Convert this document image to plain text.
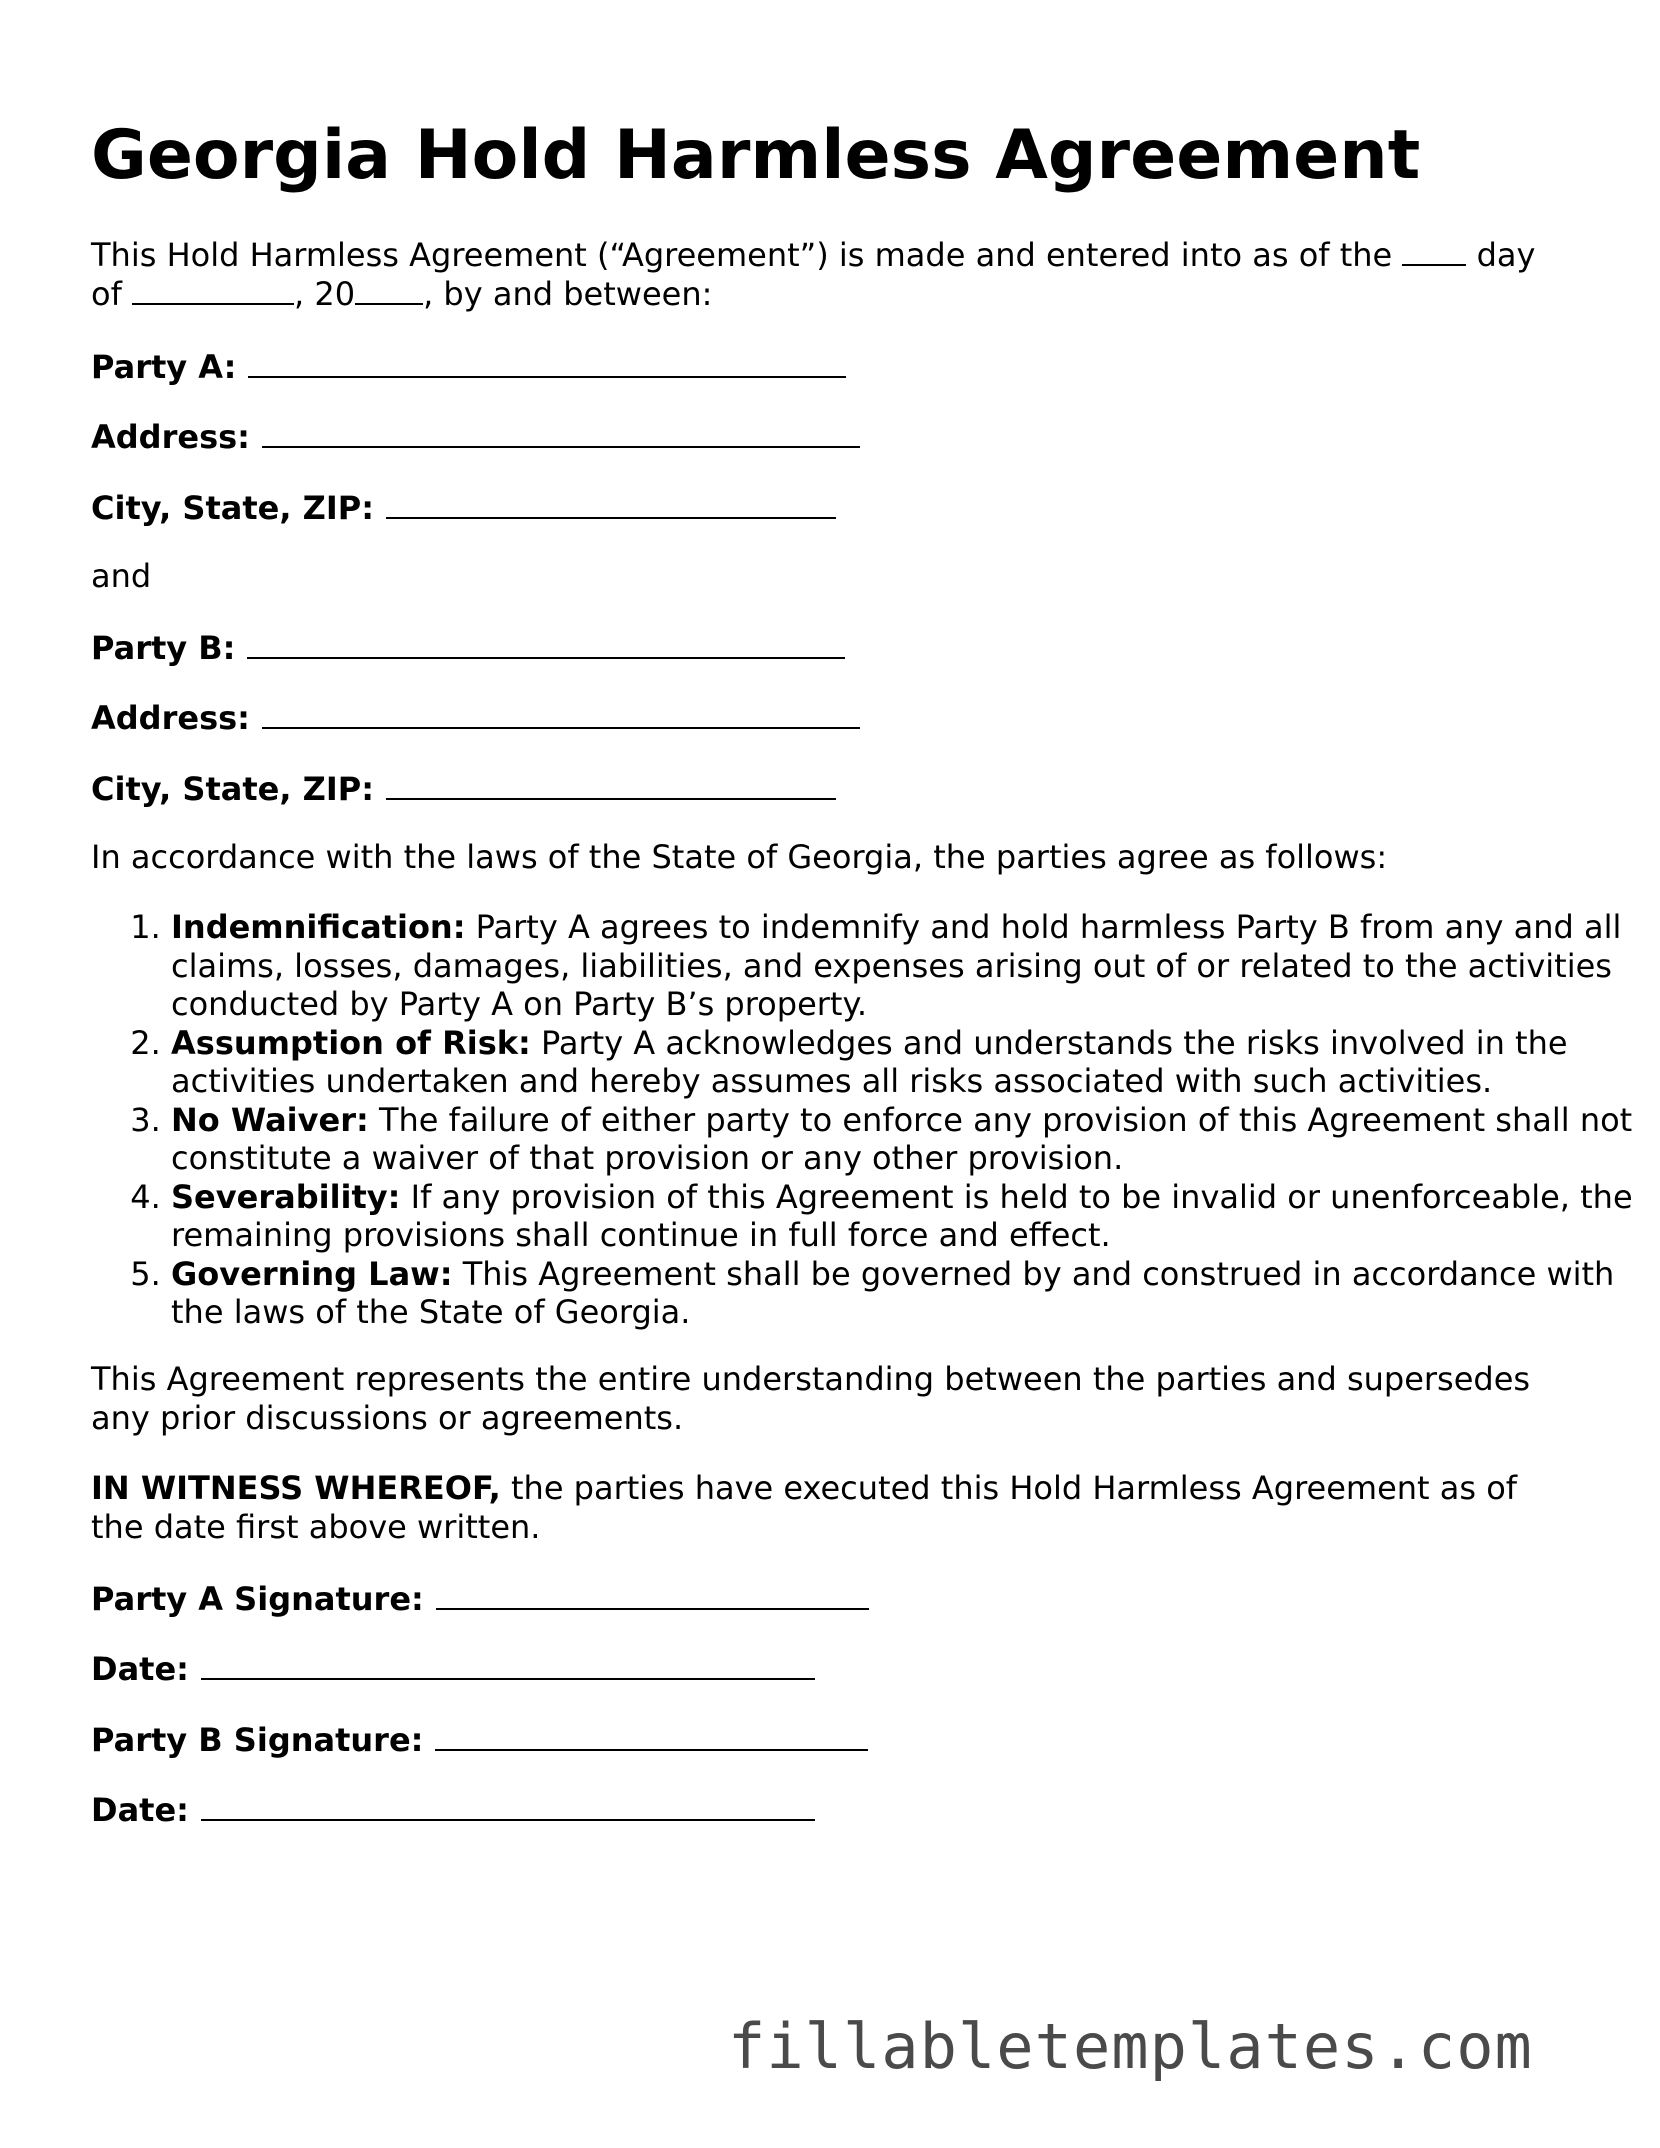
Georgia Hold Harmless Agreement

This Hold Harmless Agreement (“Agreement”) is made and entered into as of the	day of	, 20 , by and between:

Party A:
Address:
City, State, ZIP:
and
Party B:
Address:
City, State, ZIP:

In accordance with the laws of the State of Georgia, the parties agree as follows:

1. Indemnification: Party A agrees to indemnify and hold harmless Party B from any and all claims, losses, damages, liabilities, and expenses arising out of or related to the activities conducted by Party A on Party B’s property.
2. Assumption of Risk: Party A acknowledges and understands the risks involved in the activities undertaken and hereby assumes all risks associated with such activities.
3. No Waiver: The failure of either party to enforce any provision of this Agreement shall not constitute a waiver of that provision or any other provision.
4. Severability: If any provision of this Agreement is held to be invalid or unenforceable, the remaining provisions shall continue in full force and effect.
5. Governing Law: This Agreement shall be governed by and construed in accordance with the laws of the State of Georgia.

This Agreement represents the entire understanding between the parties and supersedes any prior discussions or agreements.

IN WITNESS WHEREOF, the parties have executed this Hold Harmless Agreement as of the date first above written.

Party A Signature:
Date:
Party B Signature:
Date:
fillabletemplates.com
